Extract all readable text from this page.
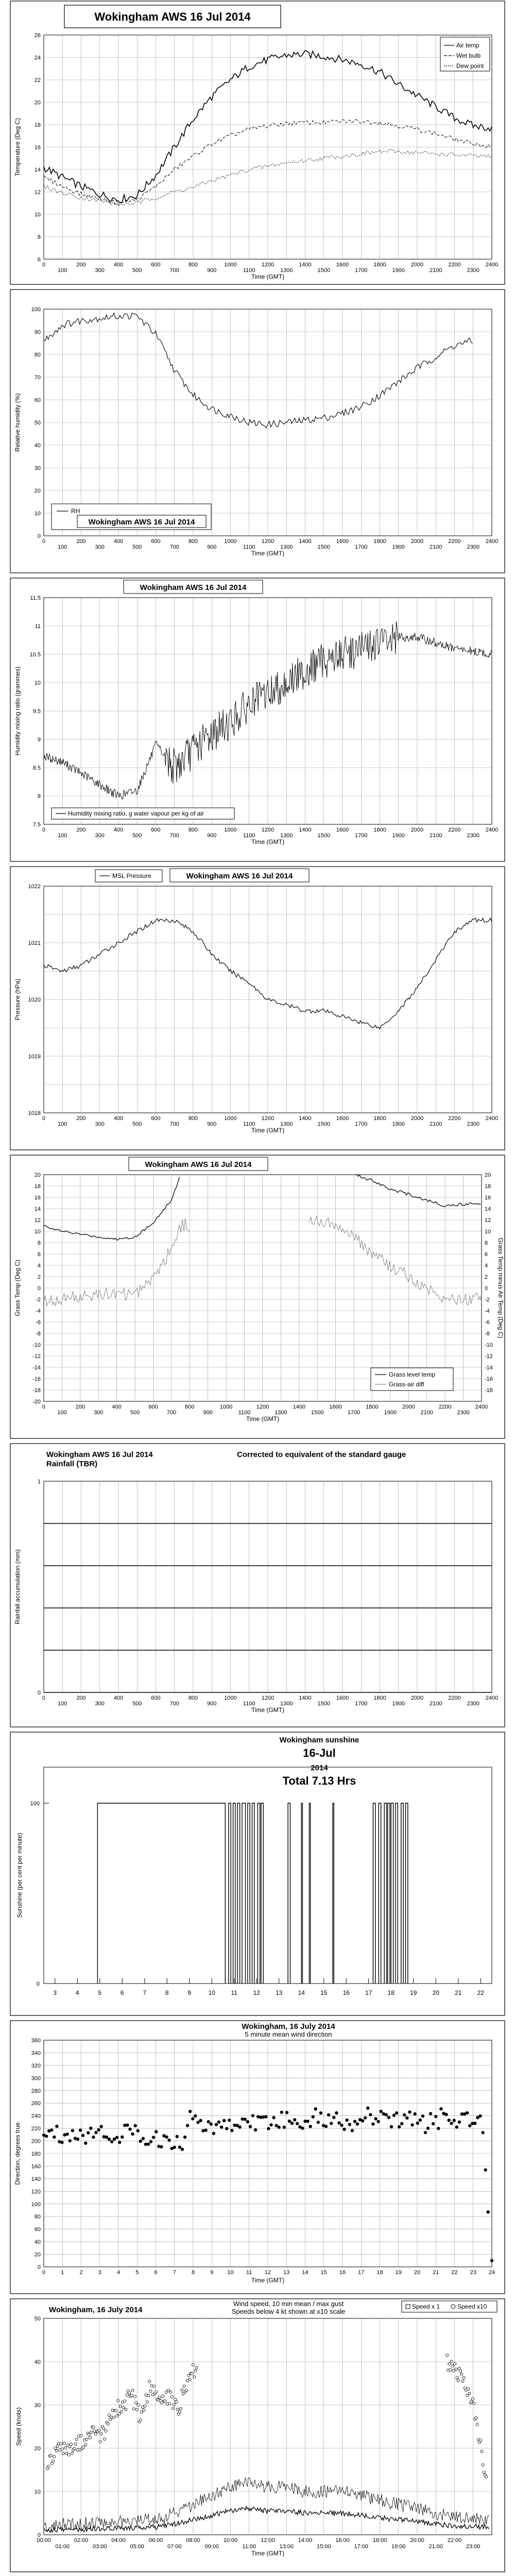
6
8
10
12
14
16
18
20
22
24
26
0
100
200
300
400
500
600
700
800
900
1000
1100
1200
1300
1400
1500
1600
1700
1800
1900
2000
2100
2200
2300
2400
Time (GMT)
Temperature (Deg C)
Wokingham AWS 16 Jul 2014
Air temp
Wet bulb
Dew point
0
10
20
30
40
50
60
70
80
90
100
0
100
200
300
400
500
600
700
800
900
1000
1100
1200
1300
1400
1500
1600
1700
1800
1900
2000
2100
2200
2300
2400
Time (GMT)
Relative humidity (%)
RH
Wokingham AWS 16 Jul 2014
7.5
8
8.5
9
9.5
10
10.5
11
11.5
0
100
200
300
400
500
600
700
800
900
1000
1100
1200
1300
1400
1500
1600
1700
1800
1900
2000
2100
2200
2300
2400
Time (GMT)
Humidity mixing ratio (grammes)
Wokingham AWS 16 Jul 2014
Humidity mixing ratio, g water vapour per kg of air
1018
1019
1020
1021
1022
0
100
200
300
400
500
600
700
800
900
1000
1100
1200
1300
1400
1500
1600
1700
1800
1900
2000
2100
2200
2300
2400
Time (GMT)
Pressure (hPa)
MSL Pressure	Wokingham AWS 16 Jul 2014
-20
-18
-16
-14
-12
-10
-8
-6
-4
-2
0
2
4
6
8
10
12
14
16
18
20
0
100
200
300
400
500
600
700
800
900
1000
1100
1200
1300
1400
1500
1600
1700
1800
1900
2000
2100
2200
2300
2400
Time (GMT)
Grass Temp (Deg C)
-18
-16
-14
-12
-10
-8
-6
-4
-2
0
2
4
6
8
10
12
14
16
18
20
Grass Temp minus Air Temp (Deg C)
Wokingham AWS 16 Jul 2014
Grass level temp
Grass-air diff
0
1
0
100
200
300
400
500
600
700
800
900
1000
1100
1200
1300
1400
1500
1600
1700
1800
1900
2000
2100
2200
2300
2400
Time (GMT)
Rainfall accumulation (mm)
Wokingham AWS 16 Jul 2014
Rainfall (TBR)
Corrected to equivalent of the standard gauge
0
100
3	4	5	6	7	8	9	10	11	12	13	14	15	16	17	18	19	20	21	22
Sunshine (per cent per minute)
Wokingham sunshine
16-Jul
2014
Total 7.13 Hrs
0
20
40
60
80
100
120
140
160
180
200
220
240
260
280
300
320
340
360
0	1	2	3	4	5	6	7	8	9 10 11 12 13 14 15 16 17 18 19 20 21 22 23 24
Time (GMT)
Direction, degrees true
Wokingham, 16 July 2014
5 minute mean wind direction
0
10
20
30
40
50
00:00	02:00	04:00	06:00	08:00	10:00	12:00	14:00	16:00	18:00	20:00	22:00
01:00	03:00	05:00	07:00	09:00	11:00	13:00	15:00	17:00	19:00	21:00	23:00
Time (GMT)
Speed (knots)
Wokingham, 16 July 2014
Wind speed, 10 min mean / max gust
Speeds below 4 kt shown at x10 scale
Speed x 1	Speed x10
